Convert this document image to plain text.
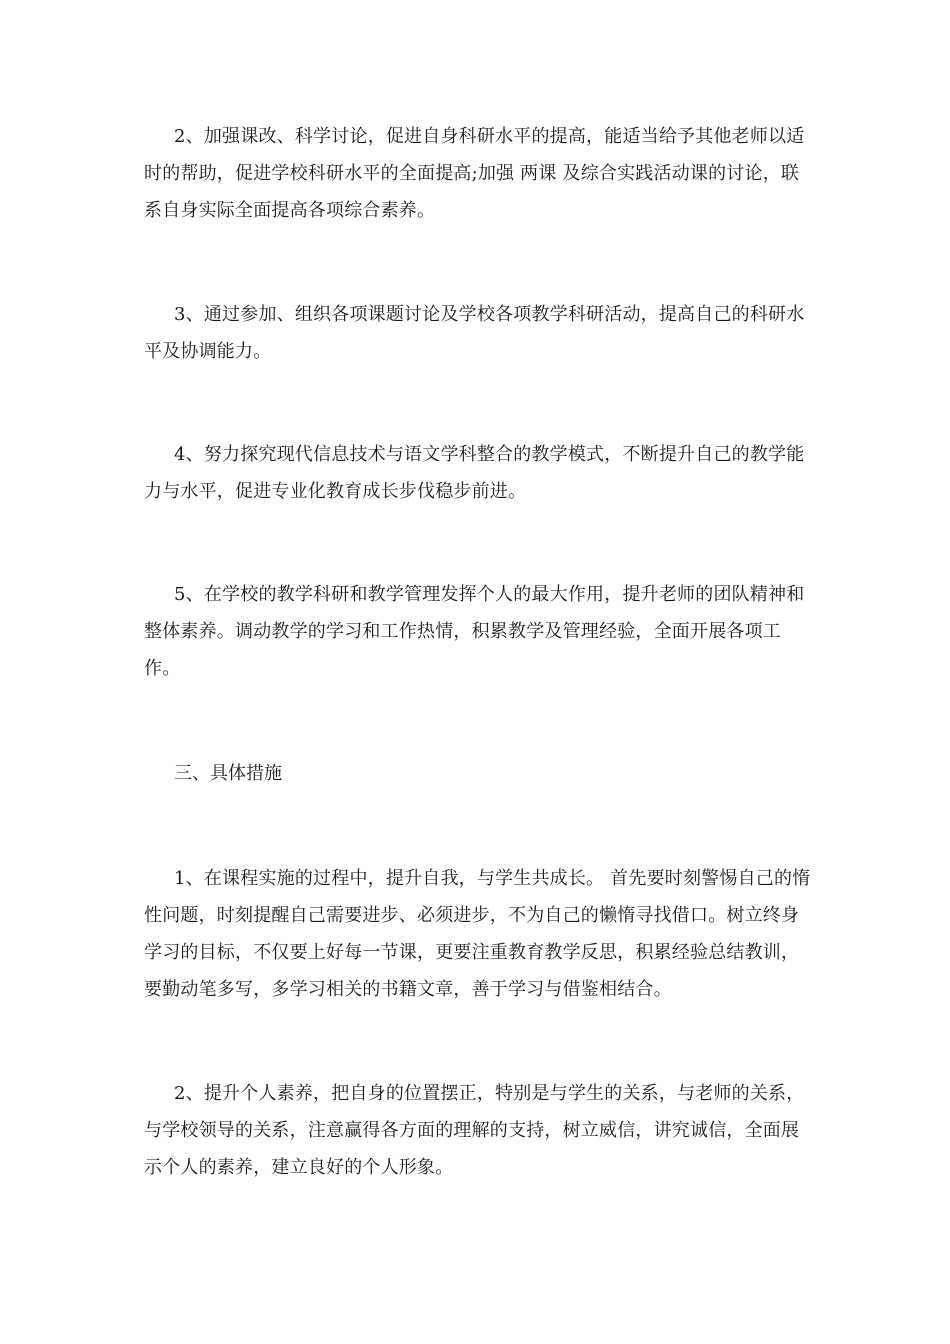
2、加强课改、科学讨论，促进自身科研水平的提高，能适当给予其他老师以适时的帮助，促进学校科研水平的全面提高;加强 两课 及综合实践活动课的讨论，联系自身实际全面提高各项综合素养。

3、通过参加、组织各项课题讨论及学校各项教学科研活动，提高自己的科研水平及协调能力。

4、努力探究现代信息技术与语文学科整合的教学模式，不断提升自己的教学能力与水平，促进专业化教育成长步伐稳步前进。

5、在学校的教学科研和教学管理发挥个人的最大作用，提升老师的团队精神和整体素养。调动教学的学习和工作热情，积累教学及管理经验，全面开展各项工作。

三、具体措施

1、在课程实施的过程中，提升自我，与学生共成长。 首先要时刻警惕自己的惰性问题，时刻提醒自己需要进步、必须进步，不为自己的懒惰寻找借口。树立终身学习的目标，不仅要上好每一节课，更要注重教育教学反思，积累经验总结教训，要勤动笔多写，多学习相关的书籍文章，善于学习与借鉴相结合。

2、提升个人素养，把自身的位置摆正，特别是与学生的关系，与老师的关系，与学校领导的关系，注意赢得各方面的理解的支持，树立威信，讲究诚信，全面展示个人的素养，建立良好的个人形象。
